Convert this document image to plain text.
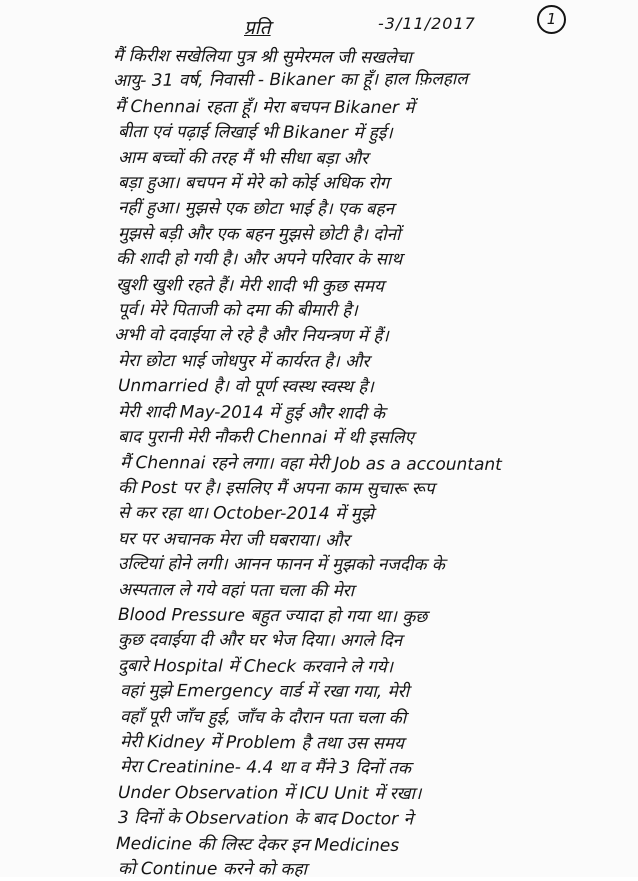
प्रति	-3/11/2017	1
मैं किरीश सखेलिया पुत्र श्री सुमेरमल जी सखलेचा
आयु- 31 वर्ष, निवासी - Bikaner का हूँ। हाल फ़िलहाल
मैं Chennai रहता हूँ। मेरा बचपन Bikaner में
बीता एवं पढ़ाई लिखाई भी Bikaner में हुई।
आम बच्चों की तरह मैं भी सीधा बड़ा और
बड़ा हुआ। बचपन में मेरे को कोई अधिक रोग
नहीं हुआ। मुझसे एक छोटा भाई है। एक बहन
मुझसे बड़ी और एक बहन मुझसे छोटी है। दोनों
की शादी हो गयी है। और अपने परिवार के साथ
खुशी खुशी रहते हैं। मेरी शादी भी कुछ समय
पूर्व। मेरे पिताजी को दमा की बीमारी है।
अभी वो दवाईया ले रहे है और नियन्त्रण में हैं।
मेरा छोटा भाई जोधपुर में कार्यरत है। और
Unmarried है। वो पूर्ण स्वस्थ स्वस्थ है।
मेरी शादी May-2014 में हुई और शादी के
बाद पुरानी मेरी नौकरी Chennai में थी इसलिए
मैं Chennai रहने लगा। वहा मेरी Job as a accountant
की Post पर है। इसलिए मैं अपना काम सुचारू रूप
से कर रहा था। October-2014 में मुझे
घर पर अचानक मेरा जी घबराया। और
उल्टियां होने लगी। आनन फानन में मुझको नजदीक के
अस्पताल ले गये वहां पता चला की मेरा
Blood Pressure बहुत ज्यादा हो गया था। कुछ
कुछ दवाईया दी और घर भेज दिया। अगले दिन
दुबारे Hospital में Check करवाने ले गये।
वहां मुझे Emergency वार्ड में रखा गया, मेरी
वहाँ पूरी जाँच हुई, जाँच के दौरान पता चला की
मेरी Kidney में Problem है तथा उस समय
मेरा Creatinine- 4.4 था व मैंने 3 दिनों तक
Under Observation में ICU Unit में रखा।
3 दिनों के Observation के बाद Doctor ने
Medicine की लिस्ट देकर इन Medicines
को Continue करने को कहा
